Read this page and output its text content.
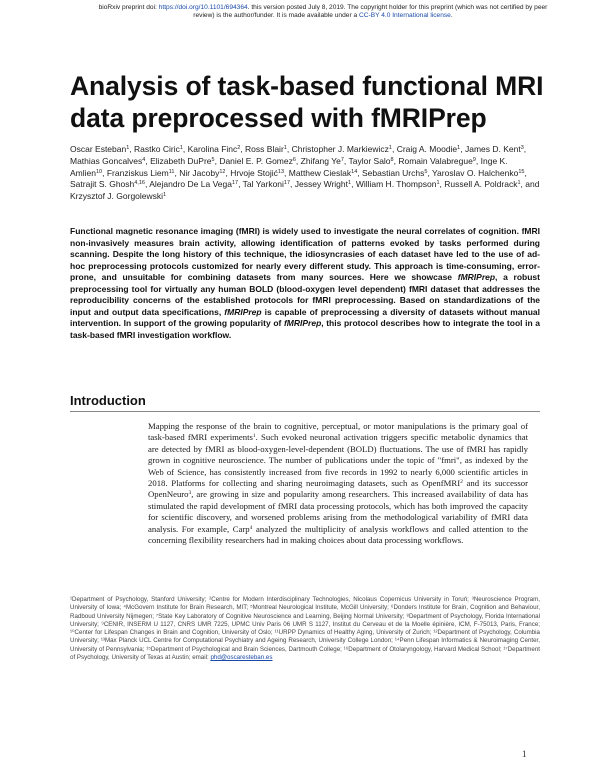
bioRxiv preprint doi: https://doi.org/10.1101/694364. this version posted July 8, 2019. The copyright holder for this preprint (which was not certified by peer review) is the author/funder. It is made available under a CC-BY 4.0 International license.
Analysis of task-based functional MRI data preprocessed with fMRIPrep
Oscar Esteban$^1$, Rastko Ciric$^1$, Karolina Finc$^2$, Ross Blair$^1$, Christopher J. Markiewicz$^1$, Craig A. Moodie$^1$, James D. Kent$^3$, Mathias Goncalves$^4$, Elizabeth DuPre$^5$, Daniel E. P. Gomez$^6$, Zhifang Ye$^7$, Taylor Salo$^8$, Romain Valabregue$^9$, Inge K. Amlien$^{10}$, Franziskus Liem$^{11}$, Nir Jacoby$^{12}$, Hrvoje Stojić$^{13}$, Matthew Cieslak$^{14}$, Sebastian Urchs$^5$, Yaroslav O. Halchenko$^{15}$, Satrajit S. Ghosh$^{4,16}$, Alejandro De La Vega$^{17}$, Tal Yarkoni$^{17}$, Jessey Wright$^1$, William H. Thompson$^1$, Russell A. Poldrack$^1$, and Krzysztof J. Gorgolewski$^1$

Functional magnetic resonance imaging (fMRI) is widely used to investigate the neural correlates of cognition. fMRI non-invasively measures brain activity, allowing identification of patterns evoked by tasks performed during scanning. Despite the long history of this technique, the idiosyncrasies of each dataset have led to the use of ad-hoc preprocessing protocols customized for nearly every different study. This approach is time-consuming, error-prone, and unsuitable for combining datasets from many sources. Here we showcase fMRIPrep, a robust preprocessing tool for virtually any human BOLD (blood-oxygen level dependent) fMRI dataset that addresses the reproducibility concerns of the established protocols for fMRI preprocessing. Based on standardizations of the input and output data specifications, fMRIPrep is capable of preprocessing a diversity of datasets without manual intervention. In support of the growing popularity of fMRIPrep, this protocol describes how to integrate the tool in a task-based fMRI investigation workflow.

Introduction

Mapping the response of the brain to cognitive, perceptual, or motor manipulations is the primary goal of task-based fMRI experiments$^1$. Such evoked neuronal activation triggers specific metabolic dynamics that are detected by fMRI as blood-oxygen-level-dependent (BOLD) fluctuations. The use of fMRI has rapidly grown in cognitive neuroscience. The number of publications under the topic of "fmri", as indexed by the Web of Science, has consistently increased from five records in 1992 to nearly 6,000 scientific articles in 2018. Platforms for collecting and sharing neuroimaging datasets, such as OpenfMRI$^2$ and its successor OpenNeuro$^3$, are growing in size and popularity among researchers. This increased availability of data has stimulated the rapid development of fMRI data processing protocols, which has both improved the capacity for scientific discovery, and worsened problems arising from the methodological variability of fMRI data analysis. For example, Carp$^4$ analyzed the multiplicity of analysis workflows and called attention to the concerning flexibility researchers had in making choices about data processing workflows.

¹Department of Psychology, Stanford University; ²Centre for Modern Interdisciplinary Technologies, Nicolaus Copernicus University in Toruń; ³Neuroscience Program, University of Iowa; ⁴McGovern Institute for Brain Research, MIT; ⁵Montreal Neurological Institute, McGill University; ⁶Donders Institute for Brain, Cognition and Behaviour, Radboud University Nijmegen; ⁷State Key Laboratory of Cognitive Neuroscience and Learning, Beijing Normal University; ⁸Department of Psychology, Florida International University; ⁹CENIR, INSERM U 1127, CNRS UMR 7225, UPMC Univ Paris 06 UMR S 1127, Institut du Cerveau et de la Moelle épinière, ICM, F-75013, Paris, France; ¹⁰Center for Lifespan Changes in Brain and Cognition, University of Oslo; ¹¹URPP Dynamics of Healthy Aging, University of Zurich; ¹²Department of Psychology, Columbia University; ¹³Max Planck UCL Centre for Computational Psychiatry and Ageing Research, University College London; ¹⁴Penn Lifespan Informatics & Neuroimaging Center, University of Pennsylvania; ¹⁵Department of Psychological and Brain Sciences, Dartmouth College; ¹⁶Department of Otolaryngology, Harvard Medical School; ¹⁷Department of Psychology, University of Texas at Austin; email: phd@oscaresteban.es

1
